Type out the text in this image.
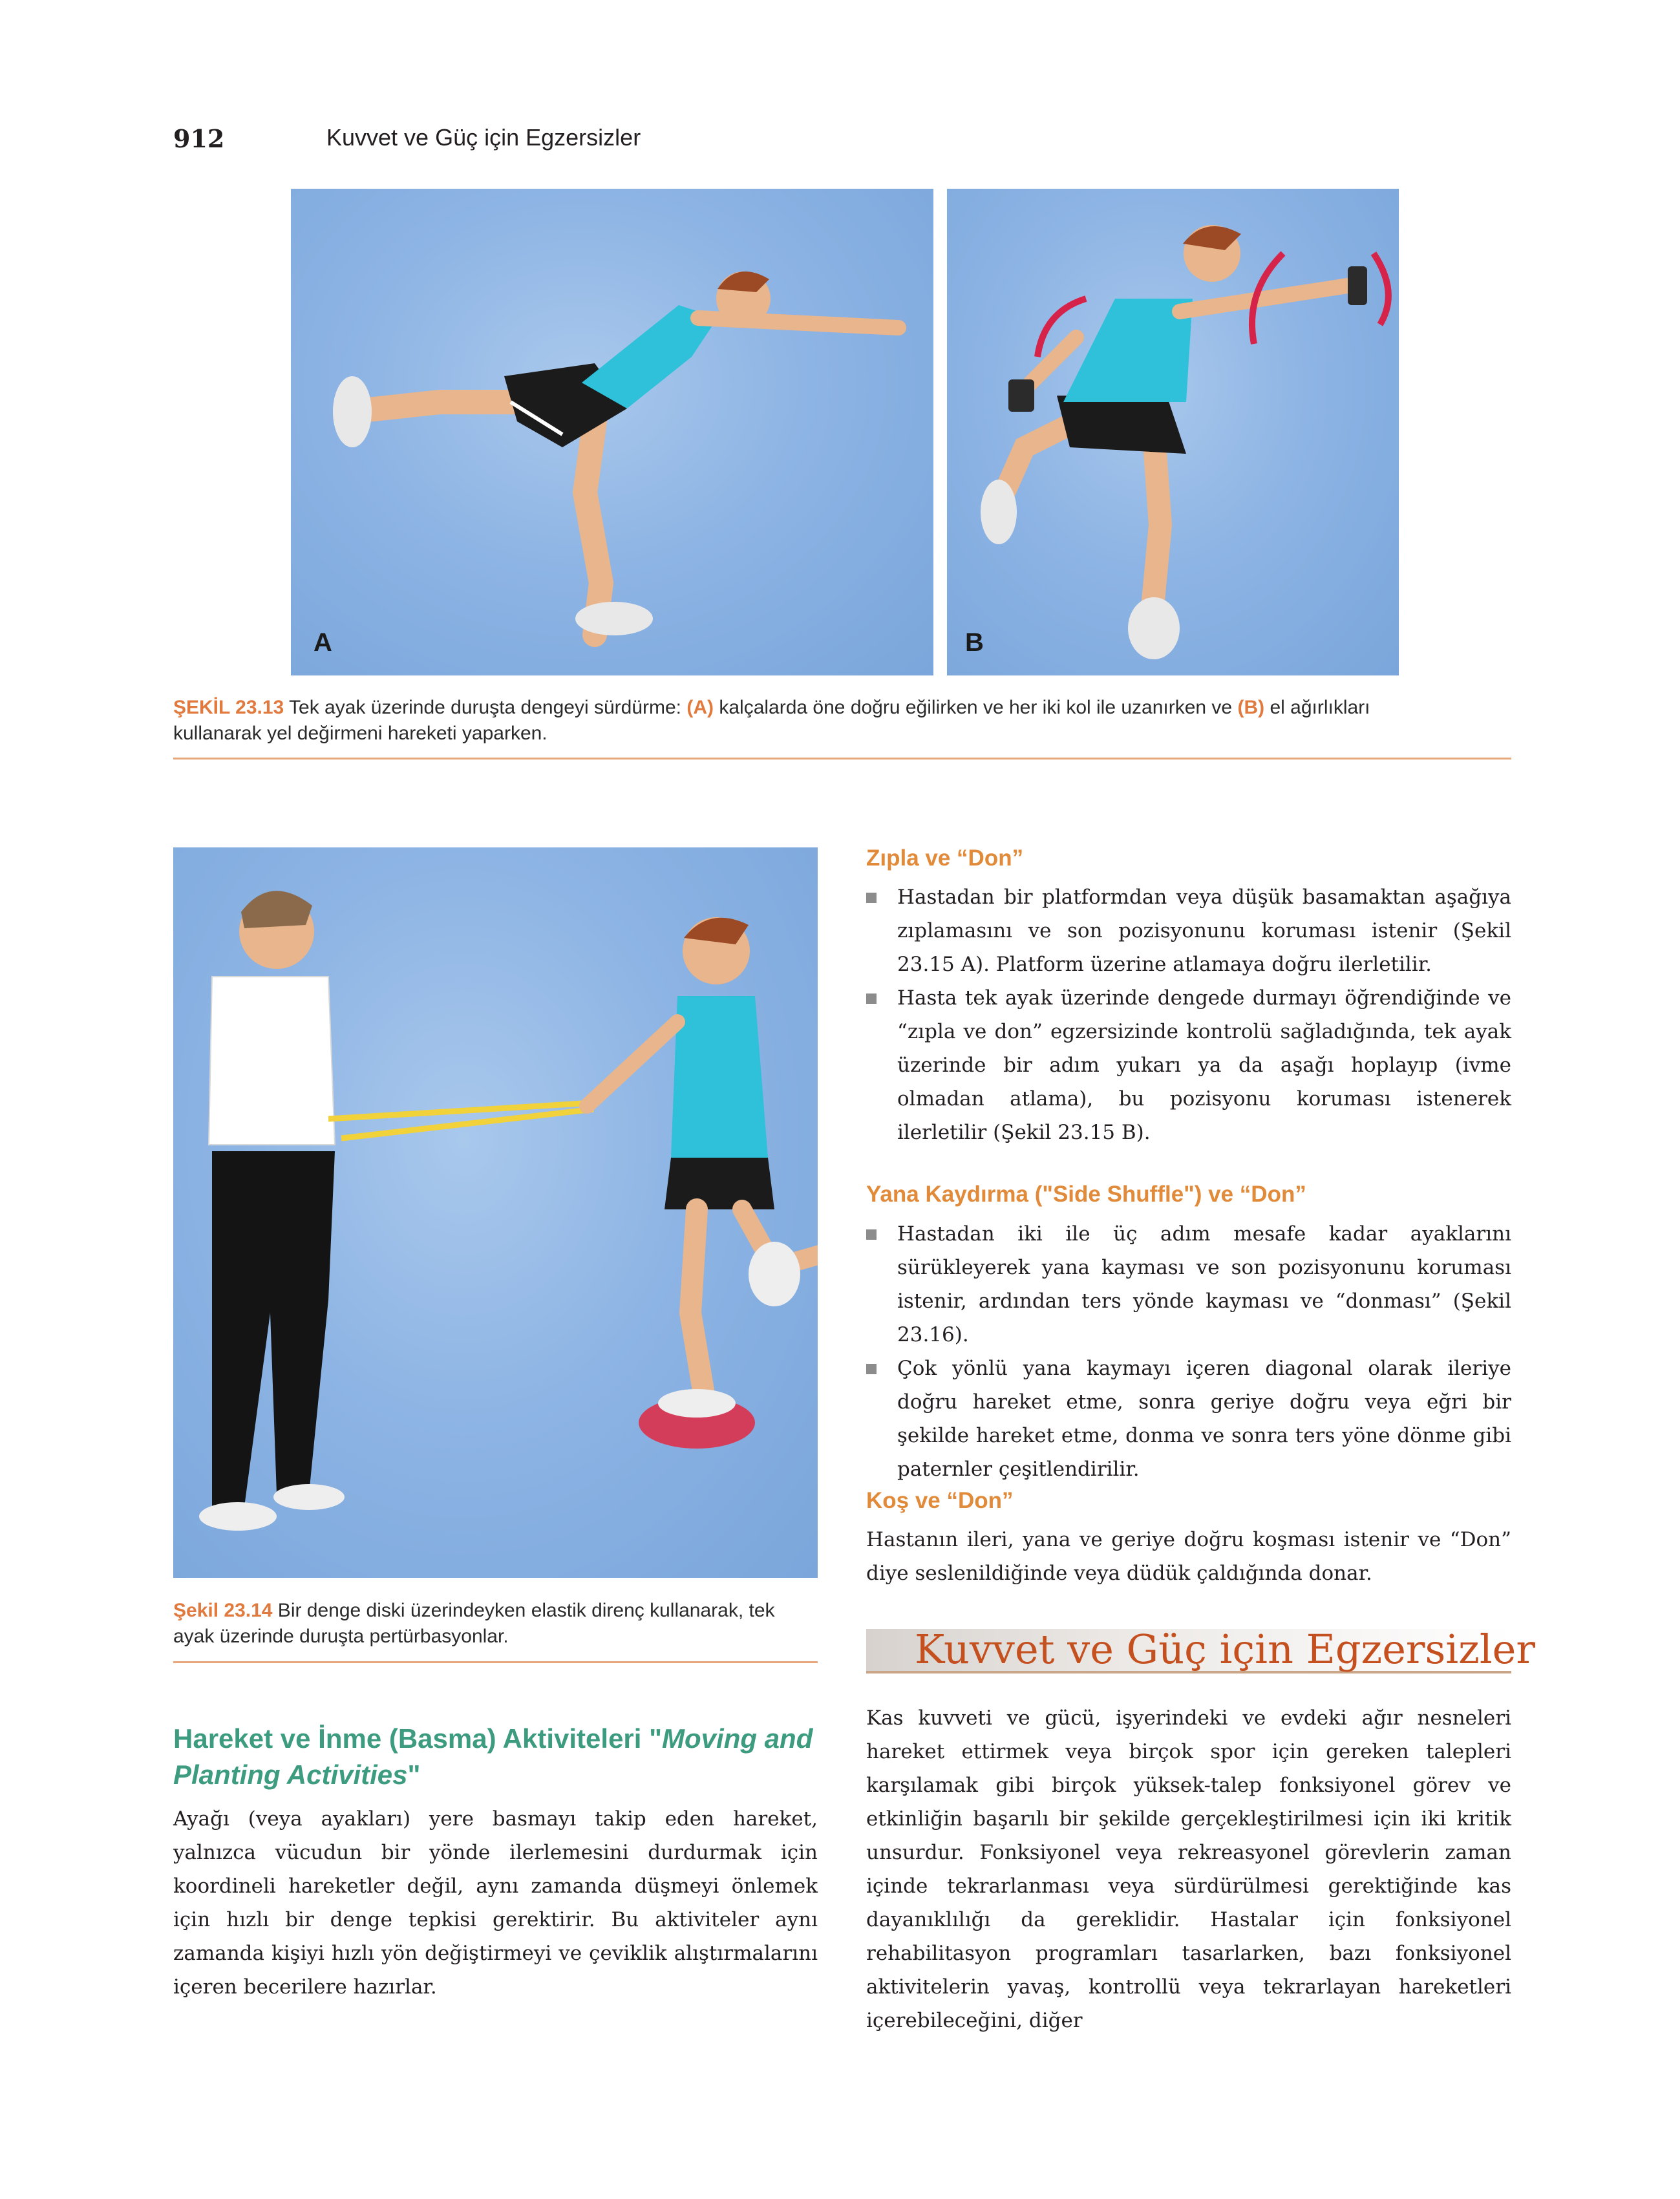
912	Kuvvet ve Güç için Egzersizler
A	B
ŞEKİL 23.13 Tek ayak üzerinde duruşta dengeyi sürdürme: (A) kalçalarda öne doğru eğilirken ve her iki kol ile uzanırken ve (B) el ağırlıkları kullanarak yel değirmeni hareketi yaparken.
Şekil 23.14 Bir denge diski üzerindeyken elastik direnç kullanarak, tek ayak üzerinde duruşta pertürbasyonlar.
Hareket ve İnme (Basma) Aktiviteleri "Moving and Planting Activities"
Ayağı (veya ayakları) yere basmayı takip eden hareket, yalnızca vücudun bir yönde ilerlemesini durdurmak için koordineli hareketler değil, aynı zamanda düşmeyi önlemek için hızlı bir denge tepkisi gerektirir. Bu aktiviteler aynı zamanda kişiyi hızlı yön değiştirmeyi ve çeviklik alıştırmalarını içeren becerilere hazırlar.
Zıpla ve “Don”
Hastadan bir platformdan veya düşük basamaktan aşağıya zıplamasını ve son pozisyonunu koruması istenir (Şekil 23.15 A). Platform üzerine atlamaya doğru ilerletilir.
Hasta tek ayak üzerinde dengede durmayı öğrendiğinde ve “zıpla ve don” egzersizinde kontrolü sağladığında, tek ayak üzerinde bir adım yukarı ya da aşağı hoplayıp (ivme olmadan atlama), bu pozisyonu koruması istenerek ilerletilir (Şekil 23.15 B).
Yana Kaydırma ("Side Shuffle") ve “Don”
Hastadan iki ile üç adım mesafe kadar ayaklarını sürükleyerek yana kayması ve son pozisyonunu koruması istenir, ardından ters yönde kayması ve “donması” (Şekil 23.16).
Çok yönlü yana kaymayı içeren diagonal olarak ileriye doğru hareket etme, sonra geriye doğru veya eğri bir şekilde hareket etme, donma ve sonra ters yöne dönme gibi paternler çeşitlendirilir.
Koş ve “Don”
Hastanın ileri, yana ve geriye doğru koşması istenir ve “Don” diye seslenildiğinde veya düdük çaldığında donar.
Kuvvet ve Güç için Egzersizler
Kas kuvveti ve gücü, işyerindeki ve evdeki ağır nesneleri hareket ettirmek veya birçok spor için gereken talepleri karşılamak gibi birçok yüksek-talep fonksiyonel görev ve etkinliğin başarılı bir şekilde gerçekleştirilmesi için iki kritik unsurdur. Fonksiyonel veya rekreasyonel görevlerin zaman içinde tekrarlanması veya sürdürülmesi gerektiğinde kas dayanıklılığı da gereklidir. Hastalar için fonksiyonel rehabilitasyon programları tasarlarken, bazı fonksiyonel aktivitelerin yavaş, kontrollü veya tekrarlayan hareketleri içerebileceğini, diğer
